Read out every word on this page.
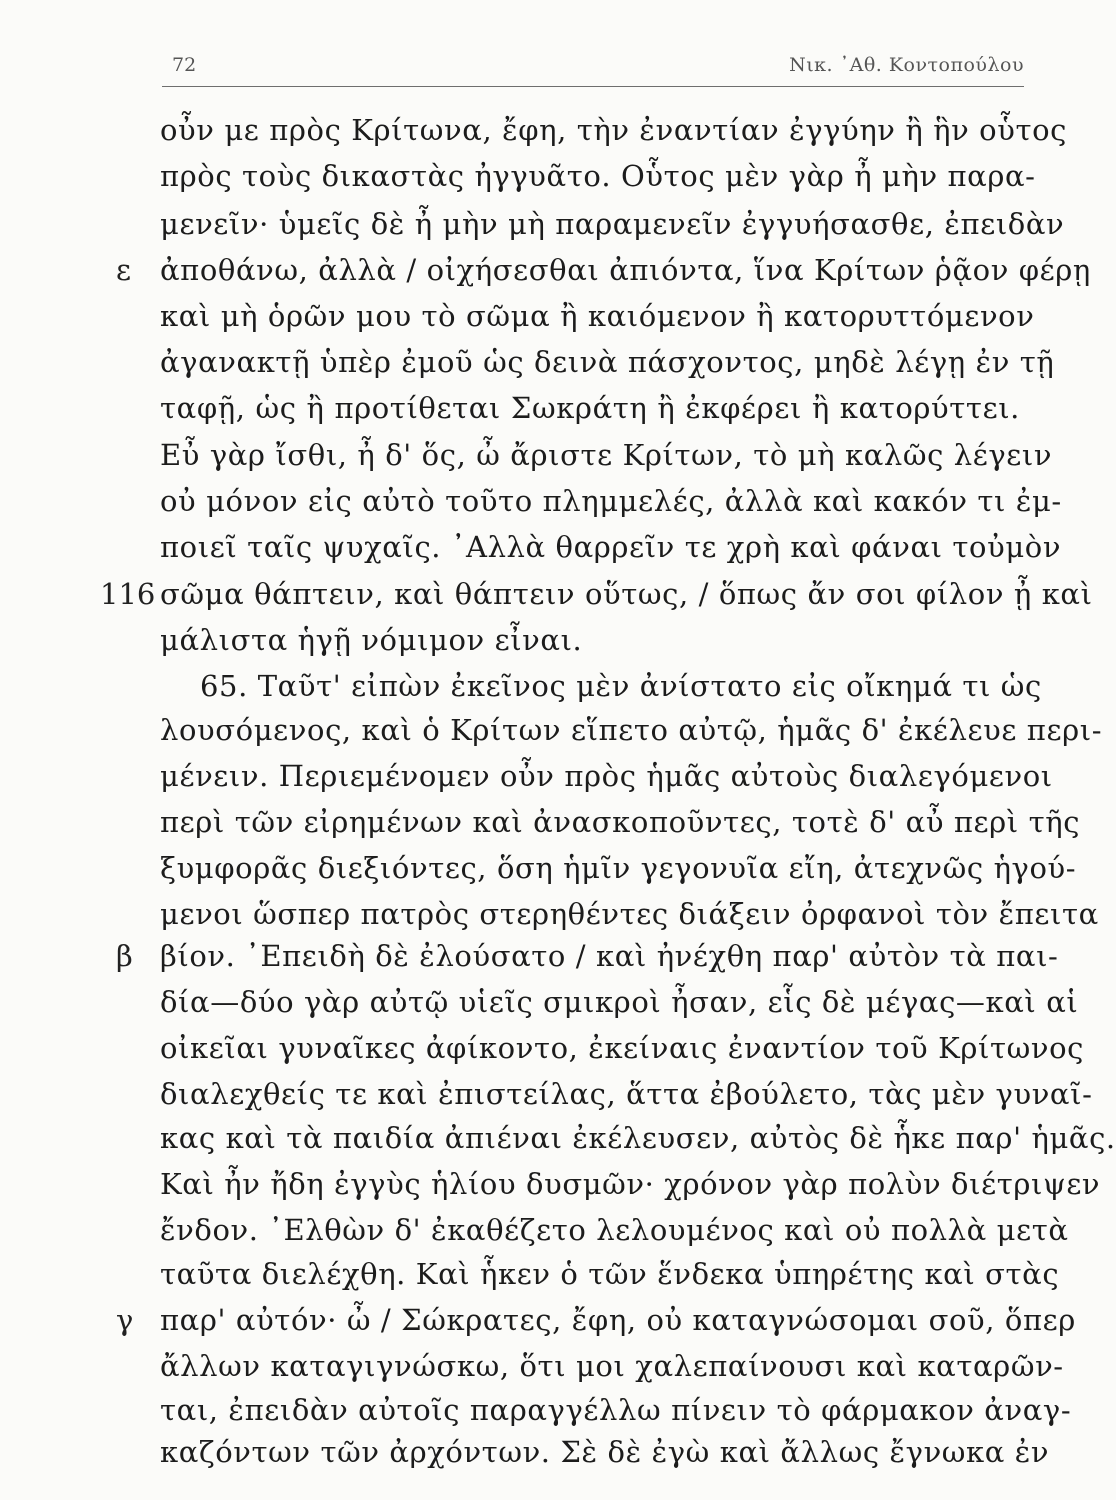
72	Νικ. ᾿Αθ. Κοντοπούλου
ε
116
β
γ
οὖν με πρὸς Κρίτωνα, ἔφη, τὴν ἐναντίαν ἐγγύην ἢ ἣν οὗτος
πρὸς τοὺς δικαστὰς ἠγγυᾶτο. Οὗτος μὲν γὰρ ἦ μὴν παρα-
μενεῖν· ὑμεῖς δὲ ἦ μὴν μὴ παραμενεῖν ἐγγυήσασθε, ἐπειδὰν
ἀποθάνω, ἀλλὰ / οἰχήσεσθαι ἀπιόντα, ἵνα Κρίτων ῥᾷον φέρῃ
καὶ μὴ ὁρῶν μου τὸ σῶμα ἢ καιόμενον ἢ κατορυττόμενον
ἀγανακτῇ ὑπὲρ ἐμοῦ ὡς δεινὰ πάσχοντος, μηδὲ λέγῃ ἐν τῇ
ταφῇ, ὡς ἢ προτίθεται Σωκράτη ἢ ἐκφέρει ἢ κατορύττει.
Εὖ γὰρ ἴσθι, ἦ δ' ὅς, ὦ ἄριστε Κρίτων, τὸ μὴ καλῶς λέγειν
οὐ μόνον εἰς αὐτὸ τοῦτο πλημμελές, ἀλλὰ καὶ κακόν τι ἐμ-
ποιεῖ ταῖς ψυχαῖς. ᾿Αλλὰ θαρρεῖν τε χρὴ καὶ φάναι τοὐμὸν
σῶμα θάπτειν, καὶ θάπτειν οὕτως, / ὅπως ἄν σοι φίλον ᾖ καὶ
μάλιστα ἡγῇ νόμιμον εἶναι.
65. Ταῦτ' εἰπὼν ἐκεῖνος μὲν ἀνίστατο εἰς οἴκημά τι ὡς
λουσόμενος, καὶ ὁ Κρίτων εἵπετο αὐτῷ, ἡμᾶς δ' ἐκέλευε περι-
μένειν. Περιεμένομεν οὖν πρὸς ἡμᾶς αὐτοὺς διαλεγόμενοι
περὶ τῶν εἰρημένων καὶ ἀνασκοποῦντες, τοτὲ δ' αὖ περὶ τῆς
ξυμφορᾶς διεξιόντες, ὅση ἡμῖν γεγονυῖα εἴη, ἀτεχνῶς ἡγού-
μενοι ὥσπερ πατρὸς στερηθέντες διάξειν ὀρφανοὶ τὸν ἔπειτα
βίον. ᾿Επειδὴ δὲ ἐλούσατο / καὶ ἠνέχθη παρ' αὐτὸν τὰ παι-
δία—δύο γὰρ αὐτῷ υἱεῖς σμικροὶ ἦσαν, εἷς δὲ μέγας—καὶ αἱ
οἰκεῖαι γυναῖκες ἀφίκοντο, ἐκείναις ἐναντίον τοῦ Κρίτωνος
διαλεχθείς τε καὶ ἐπιστείλας, ἅττα ἐβούλετο, τὰς μὲν γυναῖ-
κας καὶ τὰ παιδία ἀπιέναι ἐκέλευσεν, αὐτὸς δὲ ἧκε παρ' ἡμᾶς.
Καὶ ἦν ἤδη ἐγγὺς ἡλίου δυσμῶν· χρόνον γὰρ πολὺν διέτριψεν
ἔνδον. ᾿Ελθὼν δ' ἐκαθέζετο λελουμένος καὶ οὐ πολλὰ μετὰ
ταῦτα διελέχθη. Καὶ ἧκεν ὁ τῶν ἕνδεκα ὑπηρέτης καὶ στὰς
παρ' αὐτόν· ὦ / Σώκρατες, ἔφη, οὐ καταγνώσομαι σοῦ, ὅπερ
ἄλλων καταγιγνώσκω, ὅτι μοι χαλεπαίνουσι καὶ καταρῶν-
ται, ἐπειδὰν αὐτοῖς παραγγέλλω πίνειν τὸ φάρμακον ἀναγ-
καζόντων τῶν ἀρχόντων. Σὲ δὲ ἐγὼ καὶ ἄλλως ἔγνωκα ἐν
